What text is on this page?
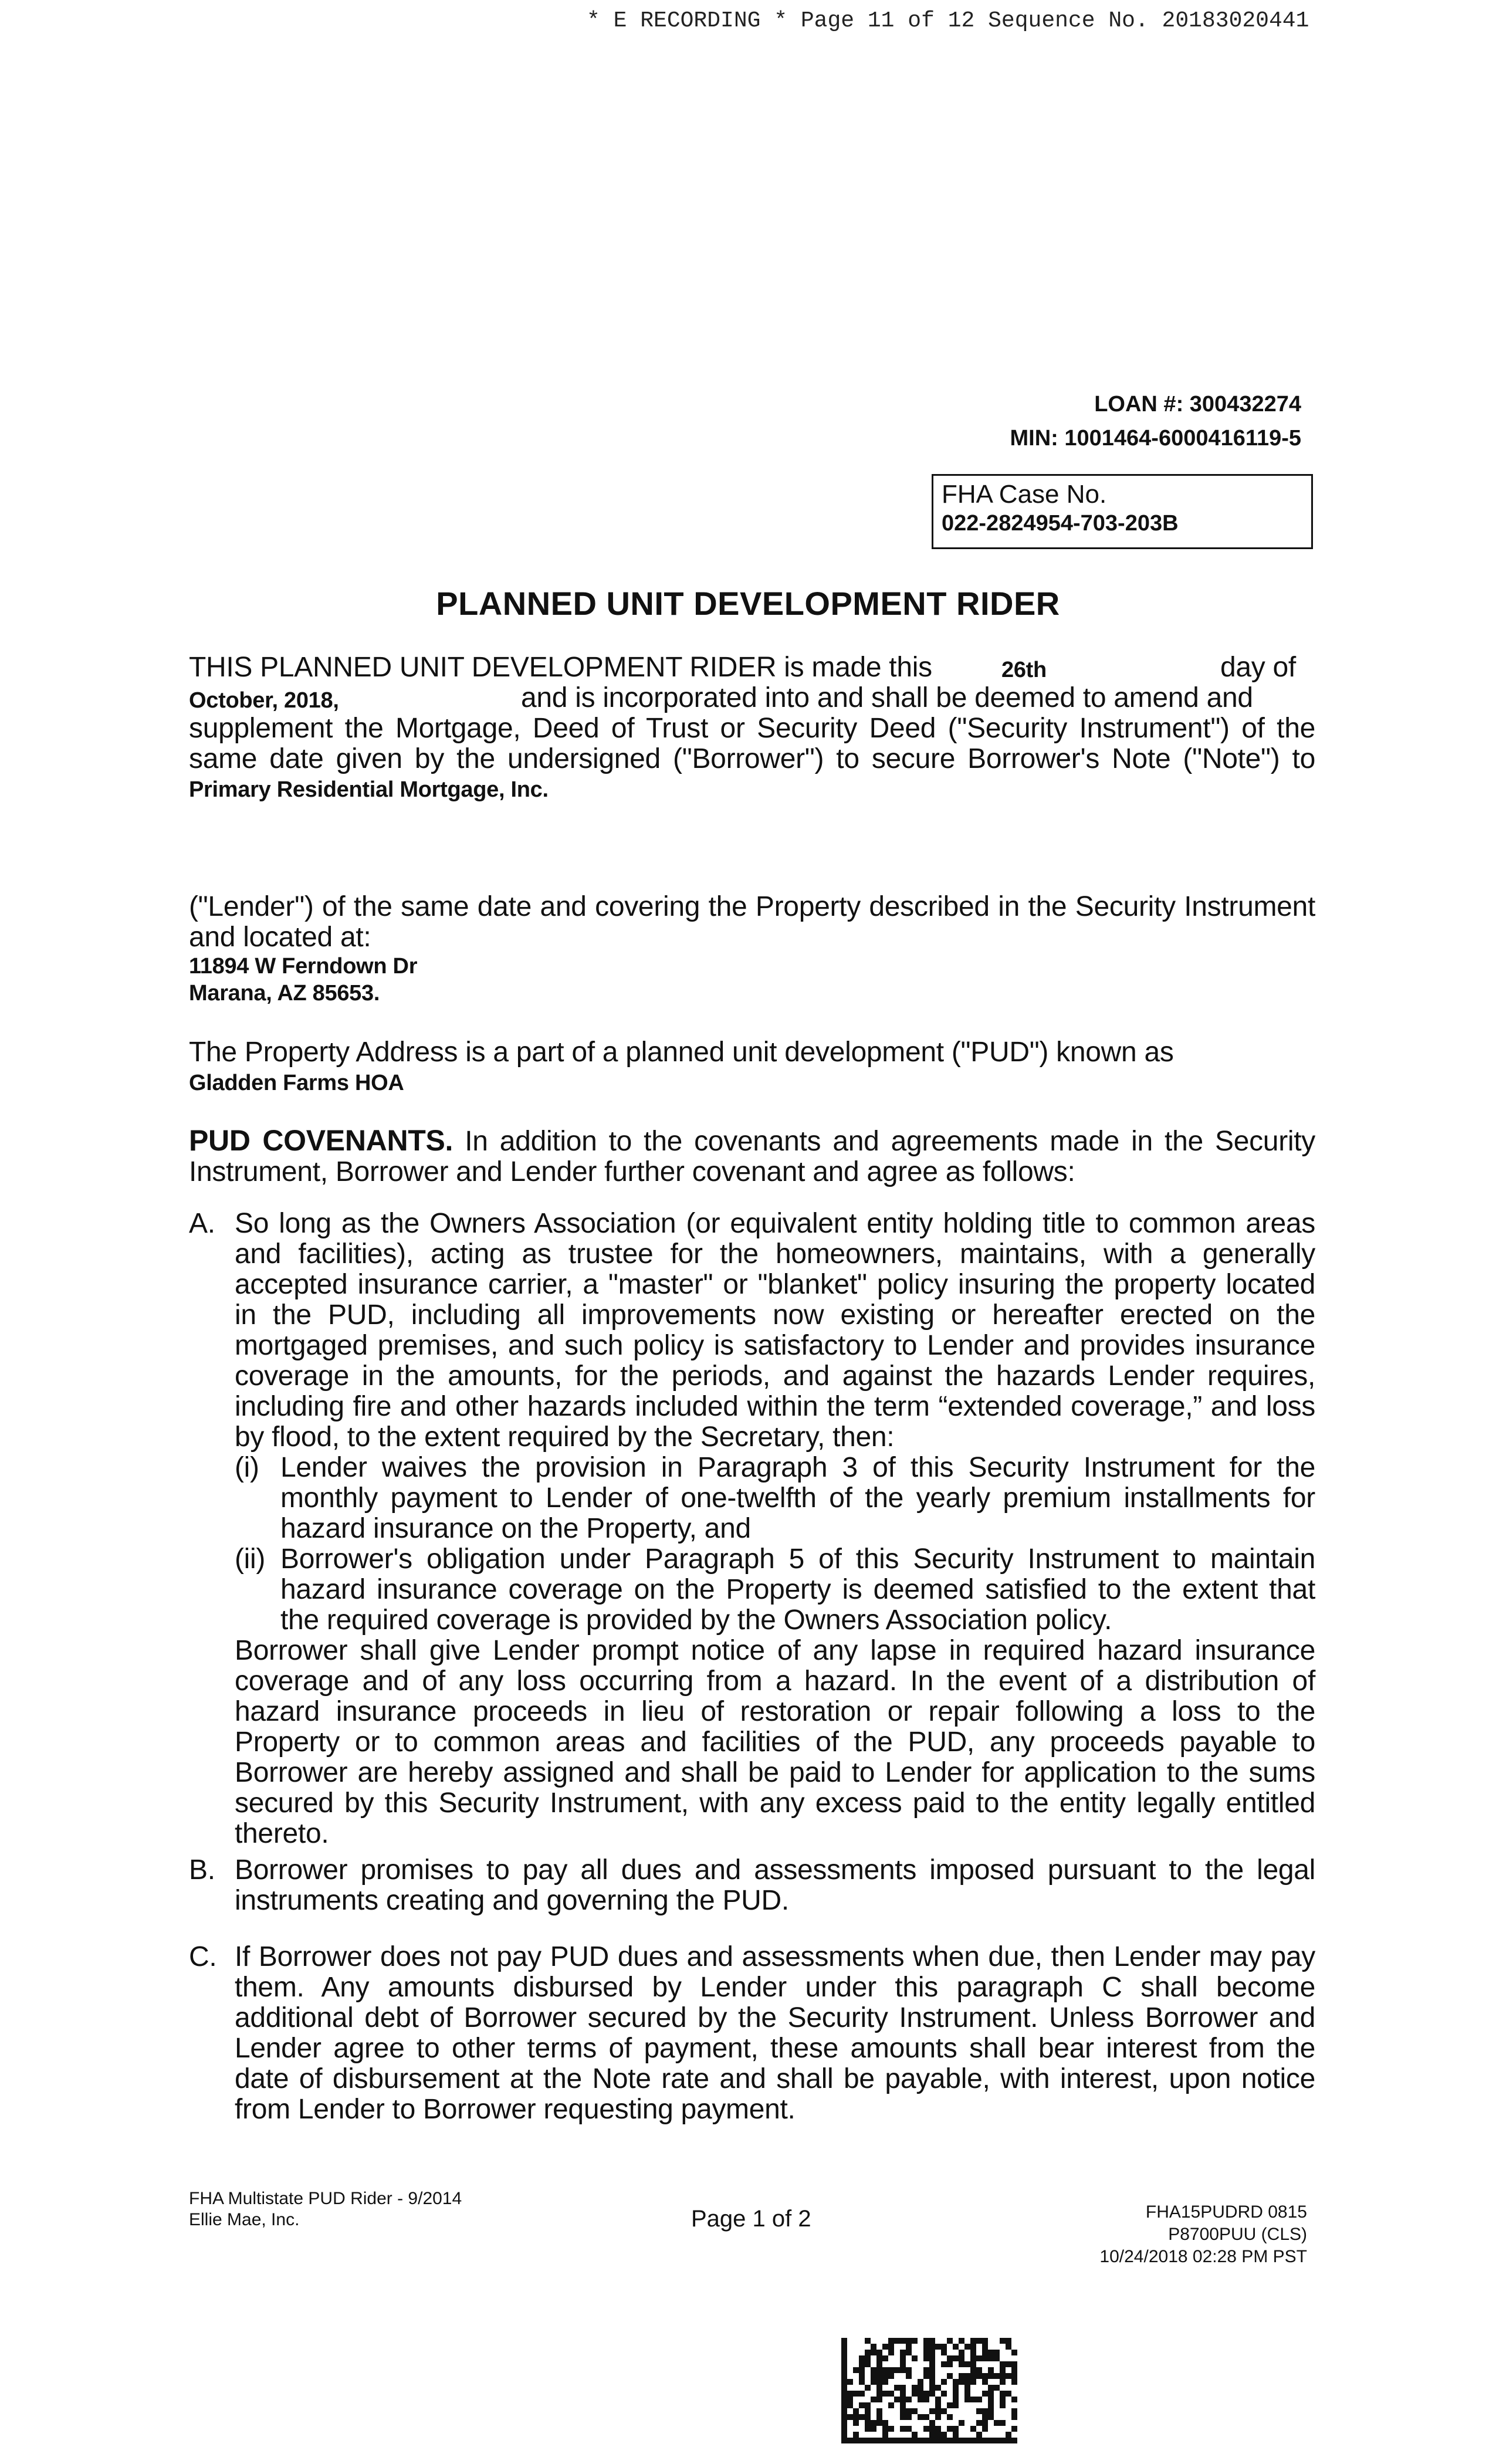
* E RECORDING * Page 11 of 12 Sequence No. 20183020441
LOAN #: 300432274
MIN: 1001464-6000416119-5
FHA Case No.
022-2824954-703-203B
PLANNED UNIT DEVELOPMENT RIDER
THIS PLANNED UNIT DEVELOPMENT RIDER is made this	26th	day of
October, 2018,	and is incorporated into and shall be deemed to amend and
supplement the Mortgage, Deed of Trust or Security Deed ("Security Instrument") of the
same date given by the undersigned ("Borrower") to secure Borrower's Note ("Note") to
Primary Residential Mortgage, Inc.
("Lender") of the same date and covering the Property described in the Security Instrument and located at:
11894 W Ferndown Dr
Marana, AZ 85653.
The Property Address is a part of a planned unit development ("PUD") known as
Gladden Farms HOA
PUD COVENANTS. In addition to the covenants and agreements made in the Security Instrument, Borrower and Lender further covenant and agree as follows:
A. So long as the Owners Association (or equivalent entity holding title to common areas and facilities), acting as trustee for the homeowners, maintains, with a generally accepted insurance carrier, a "master" or "blanket" policy insuring the property located in the PUD, including all improvements now existing or hereafter erected on the mortgaged premises, and such policy is satisfactory to Lender and provides insurance coverage in the amounts, for the periods, and against the hazards Lender requires, including fire and other hazards included within the term “extended coverage,” and loss by flood, to the extent required by the Secretary, then:
(i) Lender waives the provision in Paragraph 3 of this Security Instrument for the monthly payment to Lender of one-twelfth of the yearly premium installments for hazard insurance on the Property, and
(ii) Borrower's obligation under Paragraph 5 of this Security Instrument to maintain hazard insurance coverage on the Property is deemed satisfied to the extent that the required coverage is provided by the Owners Association policy.
Borrower shall give Lender prompt notice of any lapse in required hazard insurance coverage and of any loss occurring from a hazard. In the event of a distribution of hazard insurance proceeds in lieu of restoration or repair following a loss to the Property or to common areas and facilities of the PUD, any proceeds payable to Borrower are hereby assigned and shall be paid to Lender for application to the sums secured by this Security Instrument, with any excess paid to the entity legally entitled thereto.
B. Borrower promises to pay all dues and assessments imposed pursuant to the legal instruments creating and governing the PUD.
C. If Borrower does not pay PUD dues and assessments when due, then Lender may pay them. Any amounts disbursed by Lender under this paragraph C shall become additional debt of Borrower secured by the Security Instrument. Unless Borrower and Lender agree to other terms of payment, these amounts shall bear interest from the date of disbursement at the Note rate and shall be payable, with interest, upon notice from Lender to Borrower requesting payment.
FHA Multistate PUD Rider - 9/2014
Ellie Mae, Inc.	Page 1 of 2	FHA15PUDRD 0815
P8700PUU (CLS)
10/24/2018 02:28 PM PST
